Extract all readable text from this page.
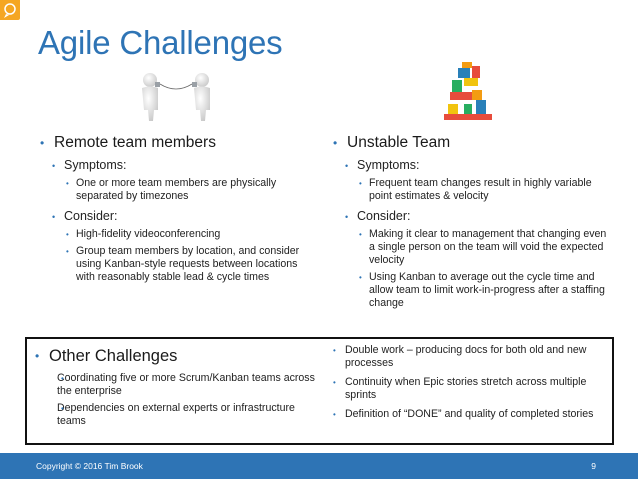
Agile Challenges
• Remote team members
• Symptoms:
• One or more team members are physically separated by timezones
• Consider:
• High-fidelity videoconferencing
• Group team members by location, and consider using Kanban-style requests between locations with reasonably stable lead & cycle times
• Unstable Team
• Symptoms:
• Frequent team changes result in highly variable point estimates & velocity
• Consider:
• Making it clear to management that changing even a single person on the team will void the expected velocity
• Using Kanban to average out the cycle time and allow team to limit work-in-progress after a staffing change
• Other Challenges
• Coordinating five or more Scrum/Kanban teams across the enterprise
• Dependencies on external experts or infrastructure teams
• Double work – producing docs for both old and new processes
• Continuity when Epic stories stretch across multiple sprints
• Definition of “DONE” and quality of completed stories
Copyright © 2016 Tim Brook	9
